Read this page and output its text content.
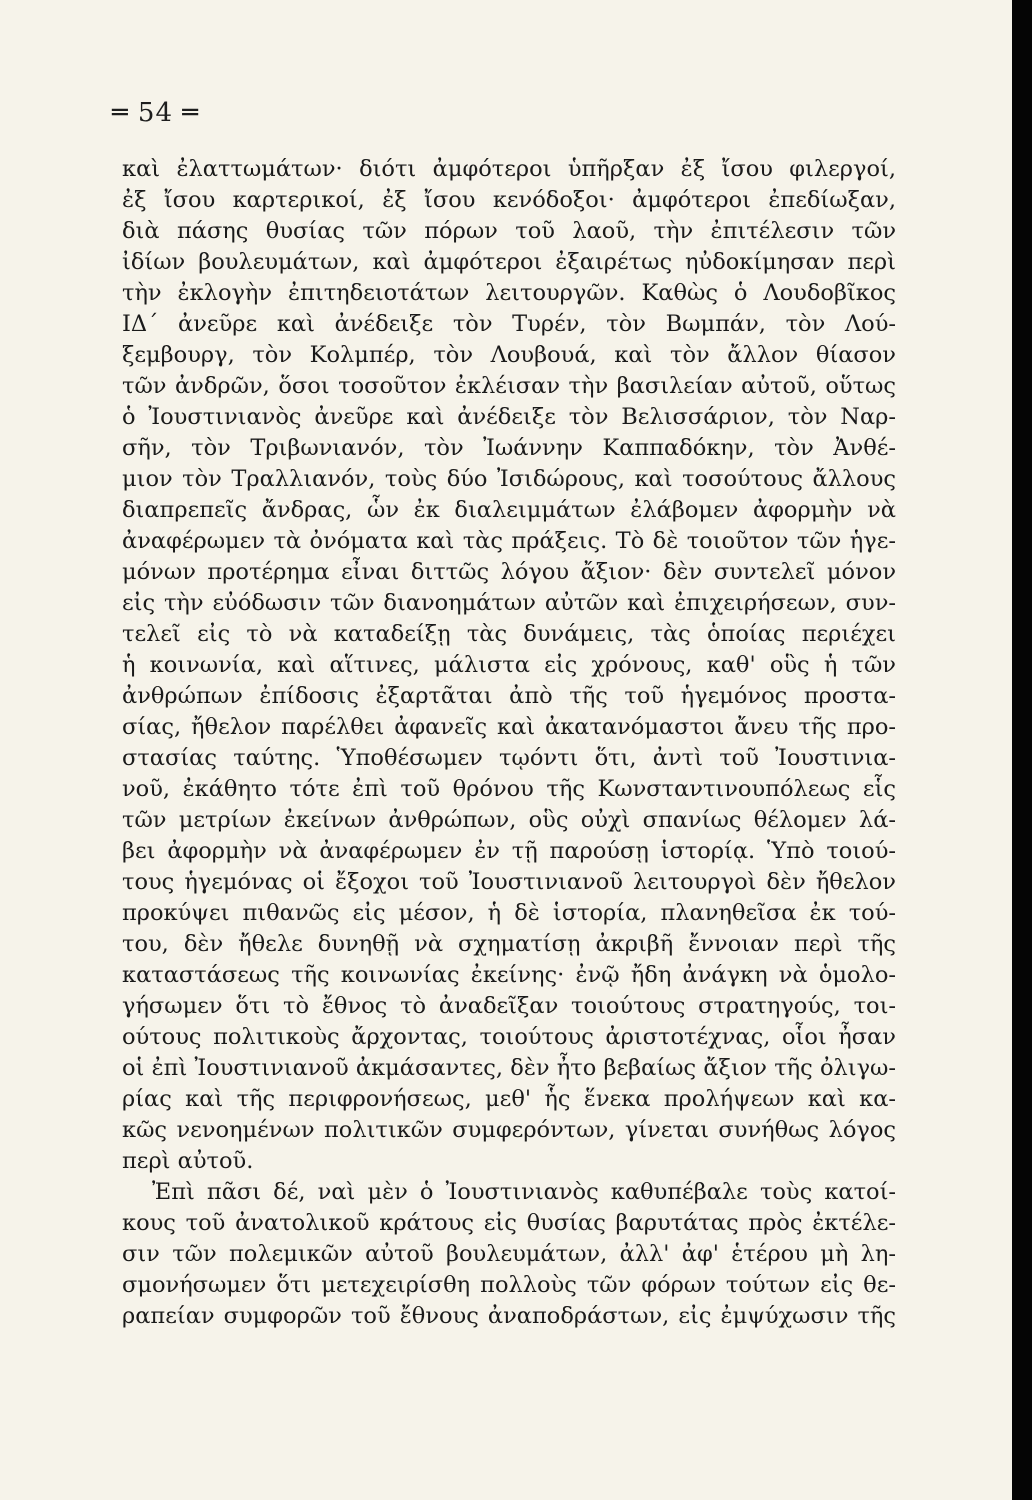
═ 54 ═
καὶ ἐλαττωμάτων· διότι ἀμφότεροι ὑπῆρξαν ἐξ ἴσου φιλεργοί,
ἐξ ἴσου καρτερικοί, ἐξ ἴσου κενόδοξοι· ἀμφότεροι ἐπεδίωξαν,
διὰ πάσης θυσίας τῶν πόρων τοῦ λαοῦ, τὴν ἐπιτέλεσιν τῶν
ἰδίων βουλευμάτων, καὶ ἀμφότεροι ἐξαιρέτως ηὐδοκίμησαν περὶ
τὴν ἐκλογὴν ἐπιτηδειοτάτων λειτουργῶν. Καθὼς ὁ Λουδοβῖκος
ΙΔ΄ ἀνεῦρε καὶ ἀνέδειξε τὸν Τυρέν, τὸν Βωμπάν, τὸν Λού-
ξεμβουργ, τὸν Κολμπέρ, τὸν Λουβουά, καὶ τὸν ἄλλον θίασον
τῶν ἀνδρῶν, ὅσοι τοσοῦτον ἐκλέισαν τὴν βασιλείαν αὐτοῦ, οὕτως
ὁ Ἰουστινιανὸς ἀνεῦρε καὶ ἀνέδειξε τὸν Βελισσάριον, τὸν Ναρ-
σῆν, τὸν Τριβωνιανόν, τὸν Ἰωάννην Καππαδόκην, τὸν Ἀνθέ-
μιον τὸν Τραλλιανόν, τοὺς δύο Ἰσιδώρους, καὶ τοσούτους ἄλλους
διαπρεπεῖς ἄνδρας, ὧν ἐκ διαλειμμάτων ἐλάβομεν ἀφορμὴν νὰ
ἀναφέρωμεν τὰ ὀνόματα καὶ τὰς πράξεις. Τὸ δὲ τοιοῦτον τῶν ἡγε-
μόνων προτέρημα εἶναι διττῶς λόγου ἄξιον· δὲν συντελεῖ μόνον
εἰς τὴν εὐόδωσιν τῶν διανοημάτων αὐτῶν καὶ ἐπιχειρήσεων, συν-
τελεῖ εἰς τὸ νὰ καταδείξῃ τὰς δυνάμεις, τὰς ὁποίας περιέχει
ἡ κοινωνία, καὶ αἵτινες, μάλιστα εἰς χρόνους, καθ' οὓς ἡ τῶν
ἀνθρώπων ἐπίδοσις ἐξαρτᾶται ἀπὸ τῆς τοῦ ἡγεμόνος προστα-
σίας, ἤθελον παρέλθει ἀφανεῖς καὶ ἀκατανόμαστοι ἄνευ τῆς προ-
στασίας ταύτης. Ὑποθέσωμεν τῳόντι ὅτι, ἀντὶ τοῦ Ἰουστινια-
νοῦ, ἐκάθητο τότε ἐπὶ τοῦ θρόνου τῆς Κωνσταντινουπόλεως εἷς
τῶν μετρίων ἐκείνων ἀνθρώπων, οὓς οὐχὶ σπανίως θέλομεν λά-
βει ἀφορμὴν νὰ ἀναφέρωμεν ἐν τῇ παρούσῃ ἱστορίᾳ. Ὑπὸ τοιού-
τους ἡγεμόνας οἱ ἔξοχοι τοῦ Ἰουστινιανοῦ λειτουργοὶ δὲν ἤθελον
προκύψει πιθανῶς εἰς μέσον, ἡ δὲ ἱστορία, πλανηθεῖσα ἐκ τού-
του, δὲν ἤθελε δυνηθῇ νὰ σχηματίσῃ ἀκριβῆ ἔννοιαν περὶ τῆς
καταστάσεως τῆς κοινωνίας ἐκείνης· ἐνῷ ἤδη ἀνάγκη νὰ ὁμολο-
γήσωμεν ὅτι τὸ ἔθνος τὸ ἀναδεῖξαν τοιούτους στρατηγούς, τοι-
ούτους πολιτικοὺς ἄρχοντας, τοιούτους ἀριστοτέχνας, οἷοι ἦσαν
οἱ ἐπὶ Ἰουστινιανοῦ ἀκμάσαντες, δὲν ἦτο βεβαίως ἄξιον τῆς ὀλιγω-
ρίας καὶ τῆς περιφρονήσεως, μεθ' ἧς ἕνεκα προλήψεων καὶ κα-
κῶς νενοημένων πολιτικῶν συμφερόντων, γίνεται συνήθως λόγος
περὶ αὐτοῦ.
Ἐπὶ πᾶσι δέ, ναὶ μὲν ὁ Ἰουστινιανὸς καθυπέβαλε τοὺς κατοί-
κους τοῦ ἀνατολικοῦ κράτους εἰς θυσίας βαρυτάτας πρὸς ἐκτέλε-
σιν τῶν πολεμικῶν αὐτοῦ βουλευμάτων, ἀλλ' ἀφ' ἑτέρου μὴ λη-
σμονήσωμεν ὅτι μετεχειρίσθη πολλοὺς τῶν φόρων τούτων εἰς θε-
ραπείαν συμφορῶν τοῦ ἔθνους ἀναποδράστων, εἰς ἐμψύχωσιν τῆς
